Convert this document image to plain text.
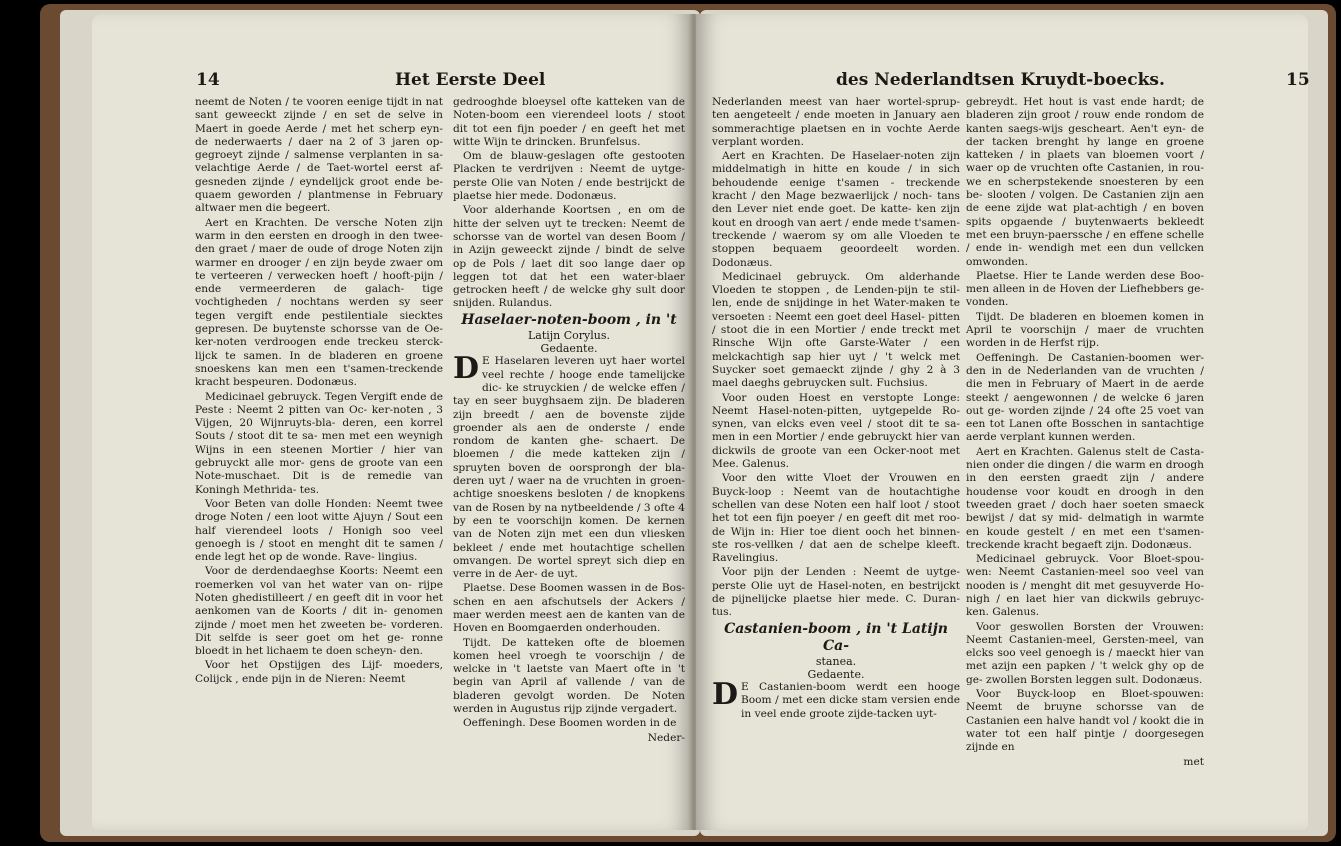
14	Het Eerste Deel

neemt de Noten / te vooren eenige tijdt in nat sant geweeckt zijnde / en set de selve in Maert in goede Aerde / met het scherp eyn- de nederwaerts / daer na 2 of 3 jaren op- gegroeyt zijnde / salmense verplanten in sa- velachtige Aerde / de Taet-wortel eerst af- gesneden zijnde / eyndelijck groot ende be- quaem geworden / plantmense in February altwaer men die begeert.

Aert en Krachten. De versche Noten zijn warm in den eersten en droogh in den twee- den graet / maer de oude of droge Noten zijn warmer en drooger / en zijn beyde zwaer om te verteeren / verwecken hoeft / hooft-pijn / ende vermeerderen de galach- tige vochtigheden / nochtans werden sy seer tegen vergift ende pestilentiale siecktes gepresen. De buytenste schorsse van de Oe- ker-noten verdroogen ende treckeu sterck- lijck te samen. In de bladeren en groene snoeskens kan men een t'samen-treckende kracht bespeuren. Dodonæus.

Medicinael gebruyck. Tegen Vergift ende de Peste : Neemt 2 pitten van Oc- ker-noten , 3 Vijgen, 20 Wijnruyts-bla- deren, een korrel Souts / stoot dit te sa- men met een weynigh Wijns in een steenen Mortier / hier van gebruyckt alle mor- gens de groote van een Note-muschaet. Dit is de remedie van Koningh Methrida- tes.

Voor Beten van dolle Honden: Neemt twee droge Noten / een loot witte Ajuyn / Sout een half vierendeel loots / Honigh soo veel genoegh is / stoot en menght dit te samen / ende legt het op de wonde. Rave- lingius.

Voor de derdendaeghse Koorts: Neemt een roemerken vol van het water van on- rijpe Noten ghedistilleert / en geeft dit in voor het aenkomen van de Koorts / dit in- genomen zijnde / moet men het zweeten be- vorderen. Dit selfde is seer goet om het ge- ronne bloedt in het lichaem te doen scheyn- den.

Voor het Opstijgen des Lijf- moeders, Colijck , ende pijn in de Nieren: Neemt

gedrooghde bloeysel ofte katteken van de Noten-boom een vierendeel loots / stoot dit tot een fijn poeder / en geeft het met witte Wijn te drincken. Brunfelsus.

Om de blauw-geslagen ofte gestooten Placken te verdrijven : Neemt de uytge- perste Olie van Noten / ende bestrijckt de plaetse hier mede. Dodonæus.

Voor alderhande Koortsen , en om de hitte der selven uyt te trecken: Neemt de schorsse van de wortel van desen Boom / in Azijn geweeckt zijnde / bindt de selve op de Pols / laet dit soo lange daer op leggen tot dat het een water-blaer getrocken heeft / de welcke ghy sult door snijden. Rulandus.

Haselaer-noten-boom , in 't

Latijn Corylus.

Gedaente.

D E Haselaren leveren uyt haer wortel veel rechte / hooge ende tamelijcke dic- ke struyckien / de welcke effen / tay en seer buyghsaem zijn. De bladeren zijn breedt / aen de bovenste zijde groender als aen de onderste / ende rondom de kanten ghe- schaert. De bloemen / die mede katteken zijn / spruyten boven de oorsprongh der bla- deren uyt / waer na de vruchten in groen- achtige snoeskens besloten / de knopkens van de Rosen by na nytbeeldende / 3 ofte 4 by een te voorschijn komen. De kernen van de Noten zijn met een dun vliesken bekleet / ende met houtachtige schellen omvangen. De wortel spreyt sich diep en verre in de Aer- de uyt.

Plaetse. Dese Boomen wassen in de Bos- schen en aen afschutsels der Ackers / maer werden meest aen de kanten van de Hoven en Boomgaerden onderhouden.

Tijdt. De katteken ofte de bloemen komen heel vroegh te voorschijn / de welcke in 't laetste van Maert ofte in 't begin van April af vallende / van de bladeren gevolgt worden. De Noten werden in Augustus rijp zijnde vergadert.

Oeffeningh. Dese Boomen worden in de

Neder-

des Nederlandtsen Kruydt-boecks.	15

Nederlanden meest van haer wortel-sprup- ten aengeteelt / ende moeten in January aen sommerachtige plaetsen en in vochte Aerde verplant worden.

Aert en Krachten. De Haselaer-noten zijn middelmatigh in hitte en koude / in sich behoudende eenige t'samen - treckende kracht / den Mage bezwaerlijck / noch- tans den Lever niet ende goet. De katte- ken zijn kout en droogh van aert / ende mede t'samen-treckende / waerom sy om alle Vloeden te stoppen bequaem geoordeelt worden. Dodonæus.

Medicinael gebruyck. Om alderhande Vloeden te stoppen , de Lenden-pijn te stil- len, ende de snijdinge in het Water-maken te versoeten : Neemt een goet deel Hasel- pitten / stoot die in een Mortier / ende treckt met Rinsche Wijn ofte Garste-Water / een melckachtigh sap hier uyt / 't welck met Suycker soet gemaeckt zijnde / ghy 2 à 3 mael daeghs gebruycken sult. Fuchsius.

Voor ouden Hoest en verstopte Longe: Neemt Hasel-noten-pitten, uytgepelde Ro- synen, van elcks even veel / stoot dit te sa- men in een Mortier / ende gebruyckt hier van dickwils de groote van een Ocker-noot met Mee. Galenus.

Voor den witte Vloet der Vrouwen en Buyck-loop : Neemt van de houtachtighe schellen van dese Noten een half loot / stoot het tot een fijn poeyer / en geeft dit met roo- de Wijn in: Hier toe dient ooch het binnen- ste ros-vellken / dat aen de schelpe kleeft. Ravelingius.

Voor pijn der Lenden : Neemt de uytge- perste Olie uyt de Hasel-noten, en bestrijckt de pijnelijcke plaetse hier mede. C. Duran- tus.

Castanien-boom , in 't Latijn Ca-

stanea.

Gedaente.

D E Castanien-boom werdt een hooge Boom / met een dicke stam versien ende in veel ende groote zijde-tacken uyt-

gebreydt. Het hout is vast ende hardt; de bladeren zijn groot / rouw ende rondom de kanten saegs-wijs gescheart. Aen't eyn- de der tacken brenght hy lange en groene katteken / in plaets van bloemen voort / waer op de vruchten ofte Castanien, in rou- we en scherpstekende snoesteren by een be- slooten / volgen. De Castanien zijn aen de eene zijde wat plat-achtigh / en boven spits opgaende / buytenwaerts bekleedt met een bruyn-paerssche / en effene schelle / ende in- wendigh met een dun vellcken omwonden.

Plaetse. Hier te Lande werden dese Boo- men alleen in de Hoven der Liefhebbers ge- vonden.

Tijdt. De bladeren en bloemen komen in April te voorschijn / maer de vruchten worden in de Herfst rijp.

Oeffeningh. De Castanien-boomen wer- den in de Nederlanden van de vruchten / die men in February of Maert in de aerde steekt / aengewonnen / de welcke 6 jaren out ge- worden zijnde / 24 ofte 25 voet van een tot Lanen ofte Bosschen in santachtige aerde verplant kunnen werden.

Aert en Krachten. Galenus stelt de Casta- nien onder die dingen / die warm en droogh in den eersten graedt zijn / andere houdense voor koudt en droogh in den tweeden graet / doch haer soeten smaeck bewijst / dat sy mid- delmatigh in warmte en koude gestelt / en met een t'samen-treckende kracht begaeft zijn. Dodonæus.

Medicinael gebruyck. Voor Bloet-spou- wen: Neemt Castanien-meel soo veel van nooden is / menght dit met gesuyverde Ho- nigh / en laet hier van dickwils gebruyc- ken. Galenus.

Voor geswollen Borsten der Vrouwen: Neemt Castanien-meel, Gersten-meel, van elcks soo veel genoegh is / maeckt hier van met azijn een papken / 't welck ghy op de ge- zwollen Borsten leggen sult. Dodonæus.

Voor Buyck-loop en Bloet-spouwen: Neemt de bruyne schorsse van de Castanien een halve handt vol / kookt die in water tot een half pintje / doorgesegen zijnde en

met
